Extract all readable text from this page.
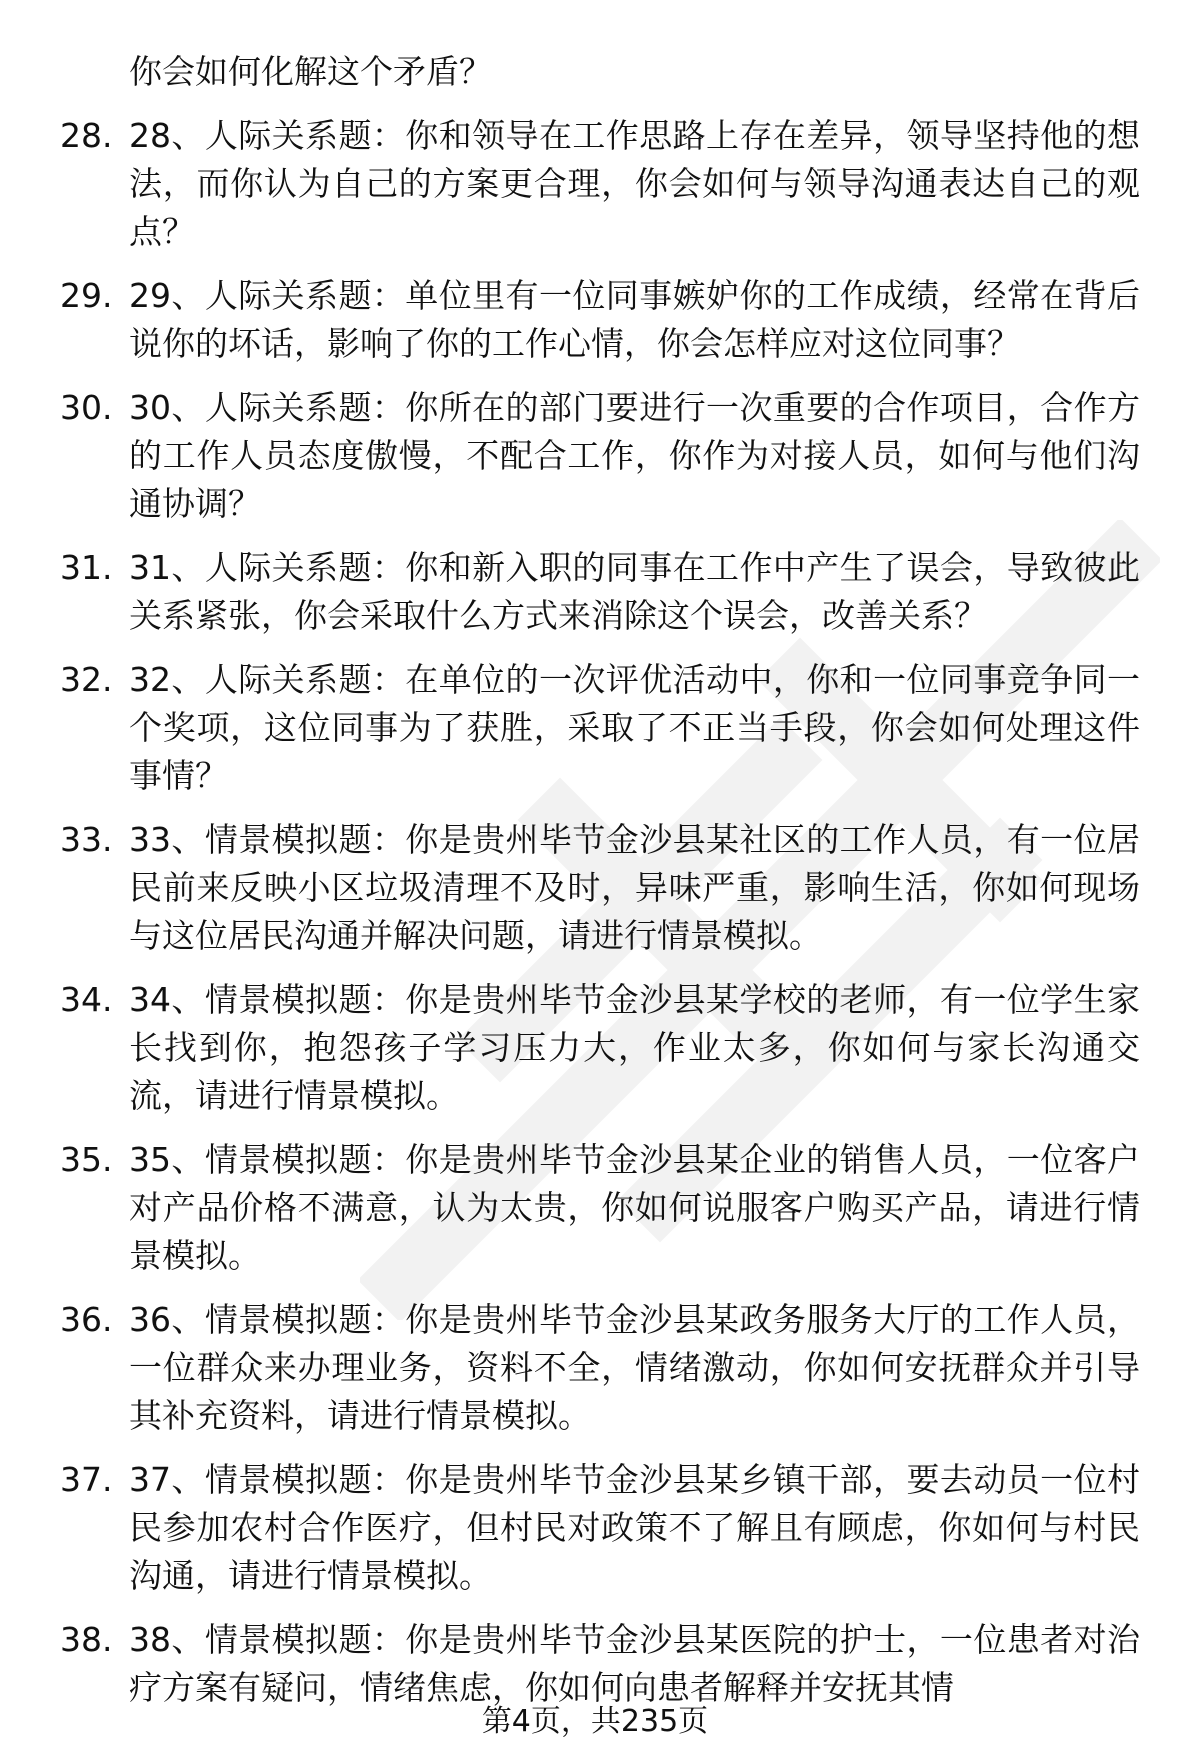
你会如何化解这个矛盾？
28. 28、人际关系题：你和领导在工作思路上存在差异，领导坚持他的想法，而你认为自己的方案更合理，你会如何与领导沟通表达自己的观点？
29. 29、人际关系题：单位里有一位同事嫉妒你的工作成绩，经常在背后说你的坏话，影响了你的工作心情，你会怎样应对这位同事？
30. 30、人际关系题：你所在的部门要进行一次重要的合作项目，合作方的工作人员态度傲慢，不配合工作，你作为对接人员，如何与他们沟通协调？
31. 31、人际关系题：你和新入职的同事在工作中产生了误会，导致彼此关系紧张，你会采取什么方式来消除这个误会，改善关系？
32. 32、人际关系题：在单位的一次评优活动中，你和一位同事竞争同一个奖项，这位同事为了获胜，采取了不正当手段，你会如何处理这件事情？
33. 33、情景模拟题：你是贵州毕节金沙县某社区的工作人员，有一位居民前来反映小区垃圾清理不及时，异味严重，影响生活，你如何现场与这位居民沟通并解决问题，请进行情景模拟。
34. 34、情景模拟题：你是贵州毕节金沙县某学校的老师，有一位学生家长找到你，抱怨孩子学习压力大，作业太多，你如何与家长沟通交流，请进行情景模拟。
35. 35、情景模拟题：你是贵州毕节金沙县某企业的销售人员，一位客户对产品价格不满意，认为太贵，你如何说服客户购买产品，请进行情景模拟。
36. 36、情景模拟题：你是贵州毕节金沙县某政务服务大厅的工作人员，一位群众来办理业务，资料不全，情绪激动，你如何安抚群众并引导其补充资料，请进行情景模拟。
37. 37、情景模拟题：你是贵州毕节金沙县某乡镇干部，要去动员一位村民参加农村合作医疗，但村民对政策不了解且有顾虑，你如何与村民沟通，请进行情景模拟。
38. 38、情景模拟题：你是贵州毕节金沙县某医院的护士，一位患者对治疗方案有疑问，情绪焦虑，你如何向患者解释并安抚其情
第4页，共235页
